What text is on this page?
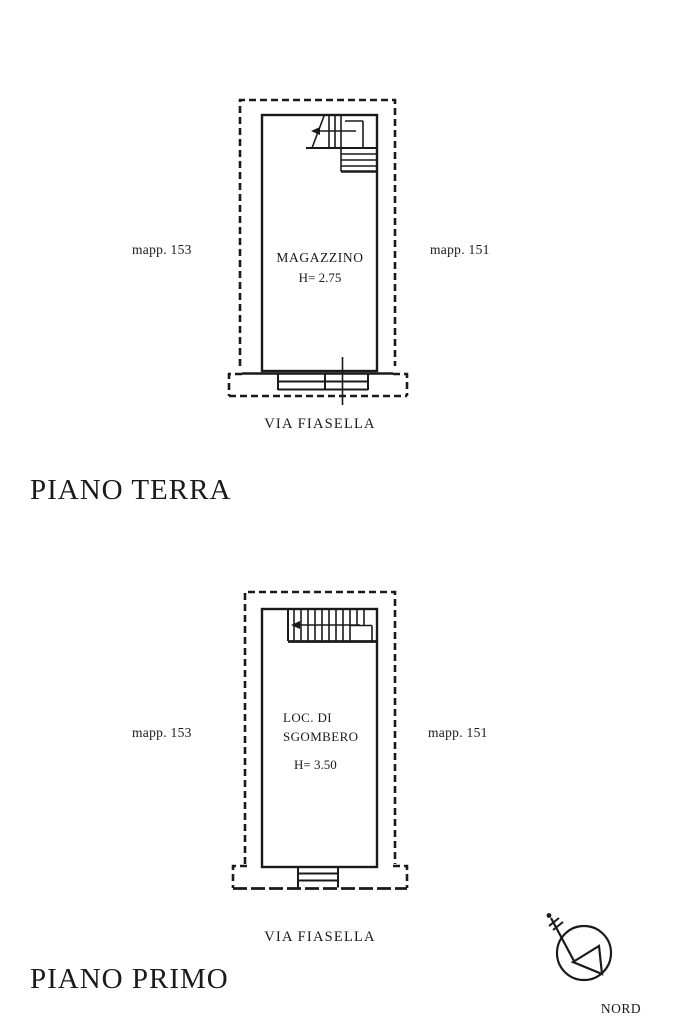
MAGAZZINO
H= 2.75
mapp. 153	mapp. 151
VIA FIASELLA
PIANO TERRA
LOC. DI
SGOMBERO
H= 3.50
mapp. 153	mapp. 151
VIA FIASELLA
PIANO PRIMO
NORD
